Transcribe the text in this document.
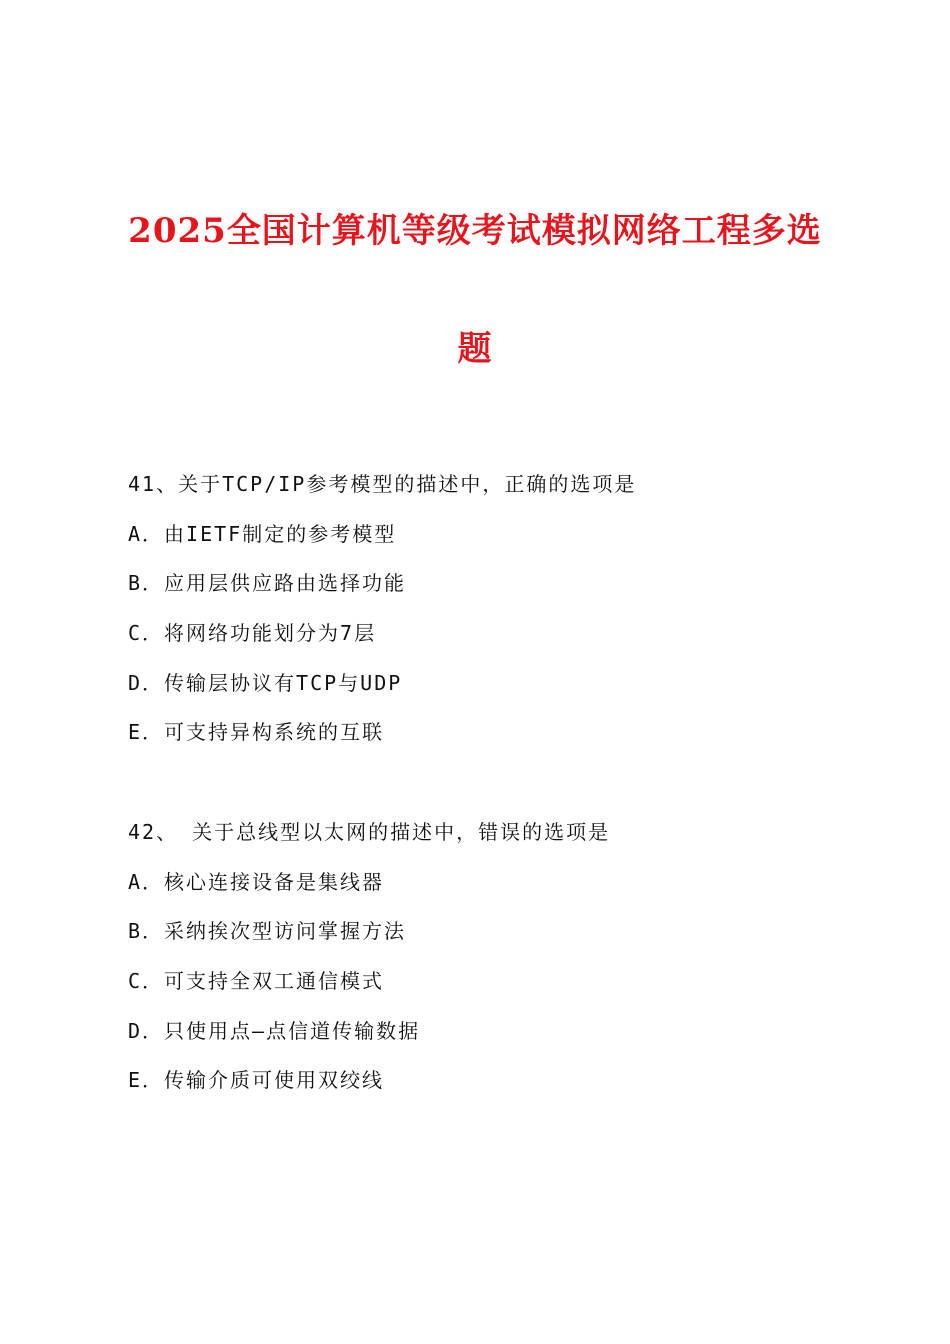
2025全国计算机等级考试模拟网络工程多选
题

41、关于TCP/IP参考模型的描述中，正确的选项是

A．由IETF制定的参考模型

B．应用层供应路由选择功能

C．将网络功能划分为7层

D．传输层协议有TCP与UDP

E．可支持异构系统的互联

42、 关于总线型以太网的描述中，错误的选项是

A．核心连接设备是集线器

B．采纳挨次型访问掌握方法

C．可支持全双工通信模式

D．只使用点—点信道传输数据

E．传输介质可使用双绞线
